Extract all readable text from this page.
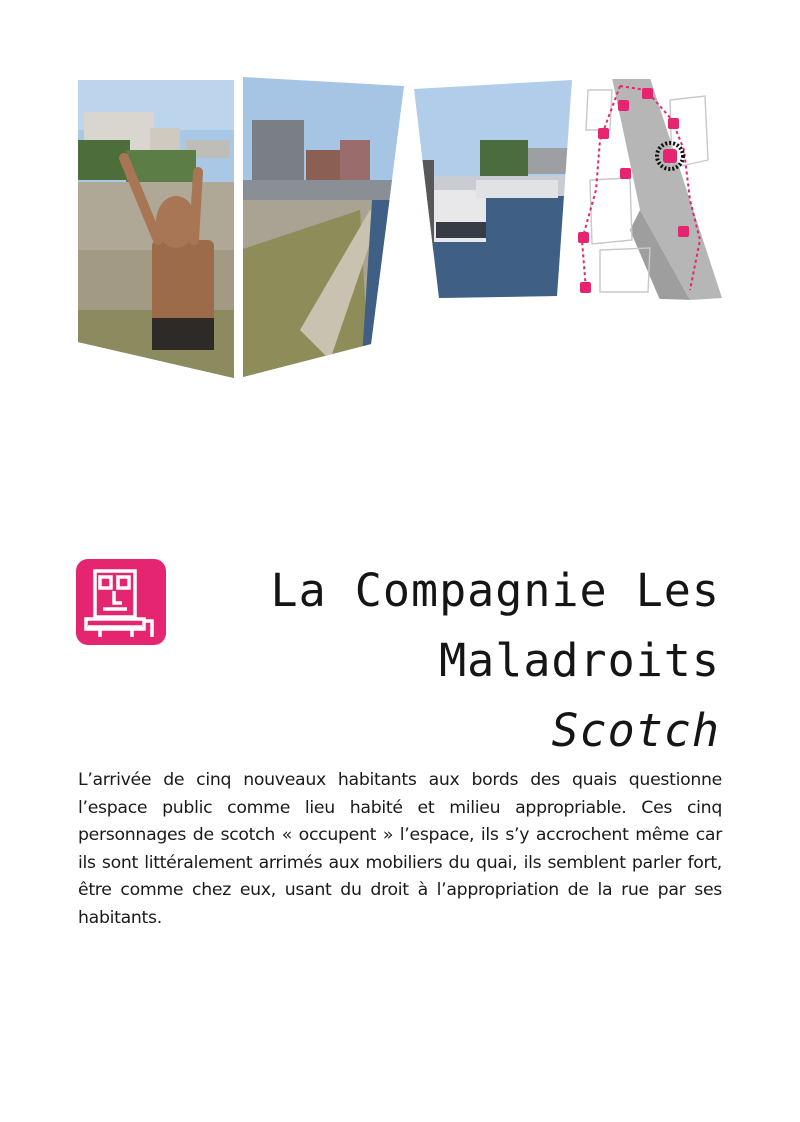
La Compagnie Les
Maladroits
Scotch

L’arrivée de cinq nouveaux habitants aux bords des quais questionne l’espace public comme lieu habité et milieu appropriable. Ces cinq personnages de scotch « occupent » l’espace, ils s’y accrochent même car ils sont littéralement arrimés aux mobiliers du quai, ils semblent parler fort, être comme chez eux, usant du droit à l’appropriation de la rue par ses habitants.
